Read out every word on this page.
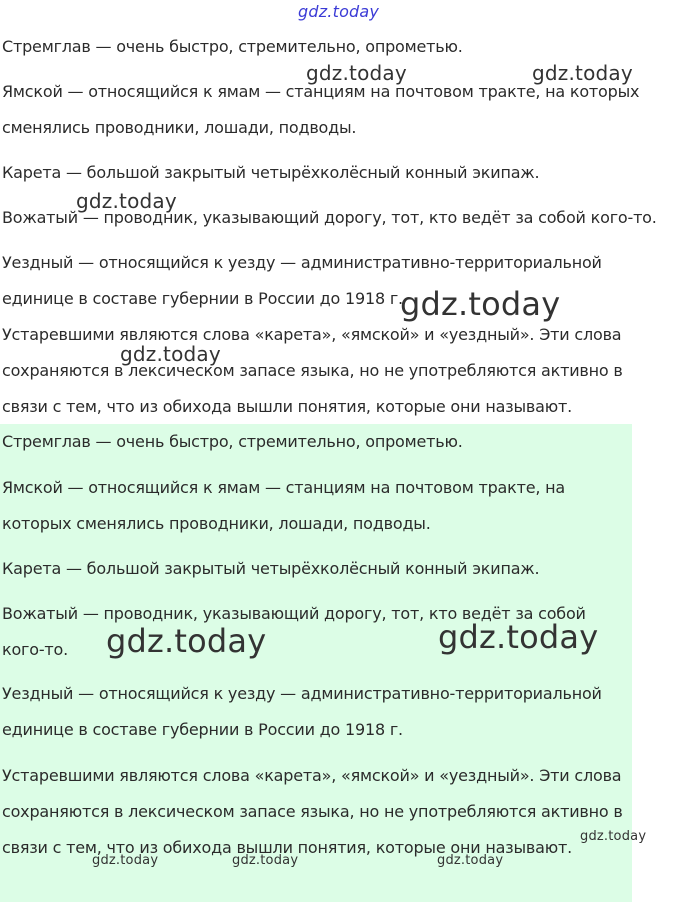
gdz.today

Стремглав — очень быстро, стремительно, опрометью.

Ямской — относящийся к ямам — станциям на почтовом тракте, на которых сменялись проводники, лошади, подводы.

Карета — большой закрытый четырёхколёсный конный экипаж.

Вожатый — проводник, указывающий дорогу, тот, кто ведёт за собой кого-то.

Уездный — относящийся к уезду — административно-территориальной единице в составе губернии в России до 1918 г.

Устаревшими являются слова «карета», «ямской» и «уездный». Эти слова сохраняются в лексическом запасе языка, но не употребляются активно в связи с тем, что из обихода вышли понятия, которые они называют.

Стремглав — очень быстро, стремительно, опрометью.

Ямской — относящийся к ямам — станциям на почтовом тракте, на которых сменялись проводники, лошади, подводы.

Карета — большой закрытый четырёхколёсный конный экипаж.

Вожатый — проводник, указывающий дорогу, тот, кто ведёт за собой кого-то.

Уездный — относящийся к уезду — административно-территориальной единице в составе губернии в России до 1918 г.

Устаревшими являются слова «карета», «ямской» и «уездный». Эти слова сохраняются в лексическом запасе языка, но не употребляются активно в связи с тем, что из обихода вышли понятия, которые они называют.

gdz.today	gdz.today
gdz.today
gdz.today
gdz.today
gdz.today	gdz.today
gdz.today
gdz.today	gdz.today	gdz.today
